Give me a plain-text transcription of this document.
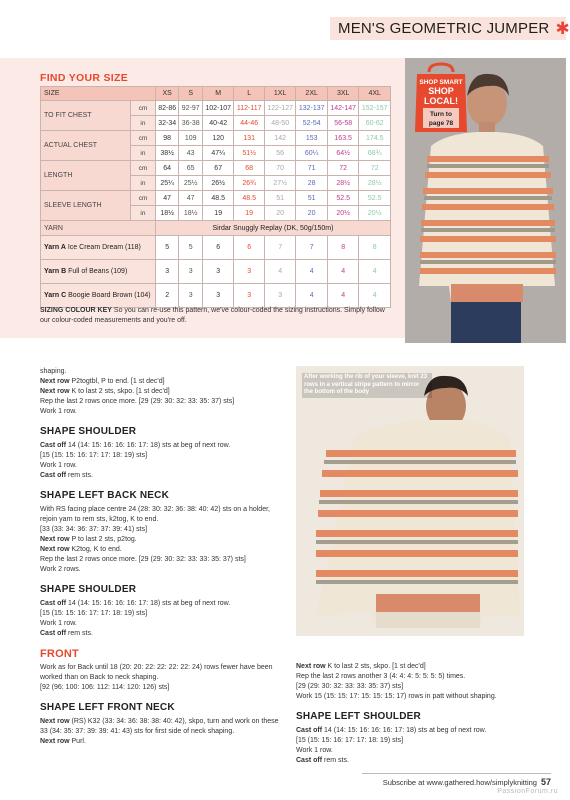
MEN'S GEOMETRIC JUMPER ✱
FIND YOUR SIZE
SIZE		XS	S	M	L	1XL	2XL	3XL	4XL
TO FIT CHEST	cm	82-86	92-97	102-107	112-117	122-127	132-137	142-147	152-157
	in	32-34	36-38	40-42	44-46	48-50	52-54	56-58	60-62
ACTUAL CHEST	cm	98	109	120	131	142	153	163.5	174.5
	in	38½	43	47¼	51½	56	60¼	64½	68¾
LENGTH	cm	64	65	67	68	70	71	72	72
	in	25¼	25½	26½	26¾	27½	28	28½	28½
SLEEVE LENGTH	cm	47	47	48.5	48.5	51	51	52.5	52.5
	in	18½	18½	19	19	20	20	20½	20½
YARN		Sirdar Snuggly Replay (DK, 50g/150m)							
Yarn A Ice Cream Dream (118)		5	5	6	6	7	7	8	8
Yarn B Full of Beans (109)		3	3	3	3	4	4	4	4
Yarn C Boogie Board Brown (104)		2	3	3	3	3	4	4	4
SIZING COLOUR KEY So you can re-use this pattern, we've colour-coded the sizing instructions. Simply follow our colour-coded measurements and you're off.
SHOP SMART
SHOP
LOCAL!
Turn to
page 78
After working the rib of your sleeve, knit 23 rows in a vertical stripe pattern to mirror the bottom of the body

shaping.

Next row P2togtbl, P to end. [1 st dec'd]

Next row K to last 2 sts, skpo. [1 st dec'd]

Rep the last 2 rows once more. [29 (29: 30: 32: 33: 35: 37) sts]

Work 1 row.

SHAPE SHOULDER

Cast off 14 (14: 15: 16: 16: 16: 17: 18) sts at beg of next row.

[15 (15: 15: 16: 17: 17: 18: 19) sts]

Work 1 row.

Cast off rem sts.

SHAPE LEFT BACK NECK

With RS facing place centre 24 (28: 30: 32: 36: 38: 40: 42) sts on a holder, rejoin yarn to rem sts, k2tog, K to end.

[33 (33: 34: 36: 37: 37: 39: 41) sts]

Next row P to last 2 sts, p2tog.

Next row K2tog, K to end.

Rep the last 2 rows once more. [29 (29: 30: 32: 33: 33: 35: 37) sts]

Work 2 rows.

SHAPE SHOULDER

Cast off 14 (14: 15: 16: 16: 16: 17: 18) sts at beg of next row.

[15 (15: 15: 16: 17: 17: 18: 19) sts]

Work 1 row.

Cast off rem sts.

FRONT

Work as for Back until 18 (20: 20: 22: 22: 22: 22: 24) rows fewer have been worked than on Back to neck shaping.

[92 (96: 100: 106: 112: 114: 120: 126) sts]

SHAPE LEFT FRONT NECK

Next row (RS) K32 (33: 34: 36: 38: 38: 40: 42), skpo, turn and work on these 33 (34: 35: 37: 39: 39: 41: 43) sts for first side of neck shaping.

Next row Purl.

Next row K to last 2 sts, skpo. [1 st dec'd]

Rep the last 2 rows another 3 (4: 4: 4: 5: 5: 5: 5) times.

[29 (29: 30: 32: 33: 33: 35: 37) sts]

Work 15 (15: 15: 17: 15: 15: 15: 17) rows in patt without shaping.

SHAPE LEFT SHOULDER

Cast off 14 (14: 15: 16: 16: 16: 17: 18) sts at beg of next row.

[15 (15: 15: 16: 17: 17: 18: 19) sts]

Work 1 row.

Cast off rem sts.

Subscribe at www.gathered.how/simplyknitting 57
PassionForum.ru
